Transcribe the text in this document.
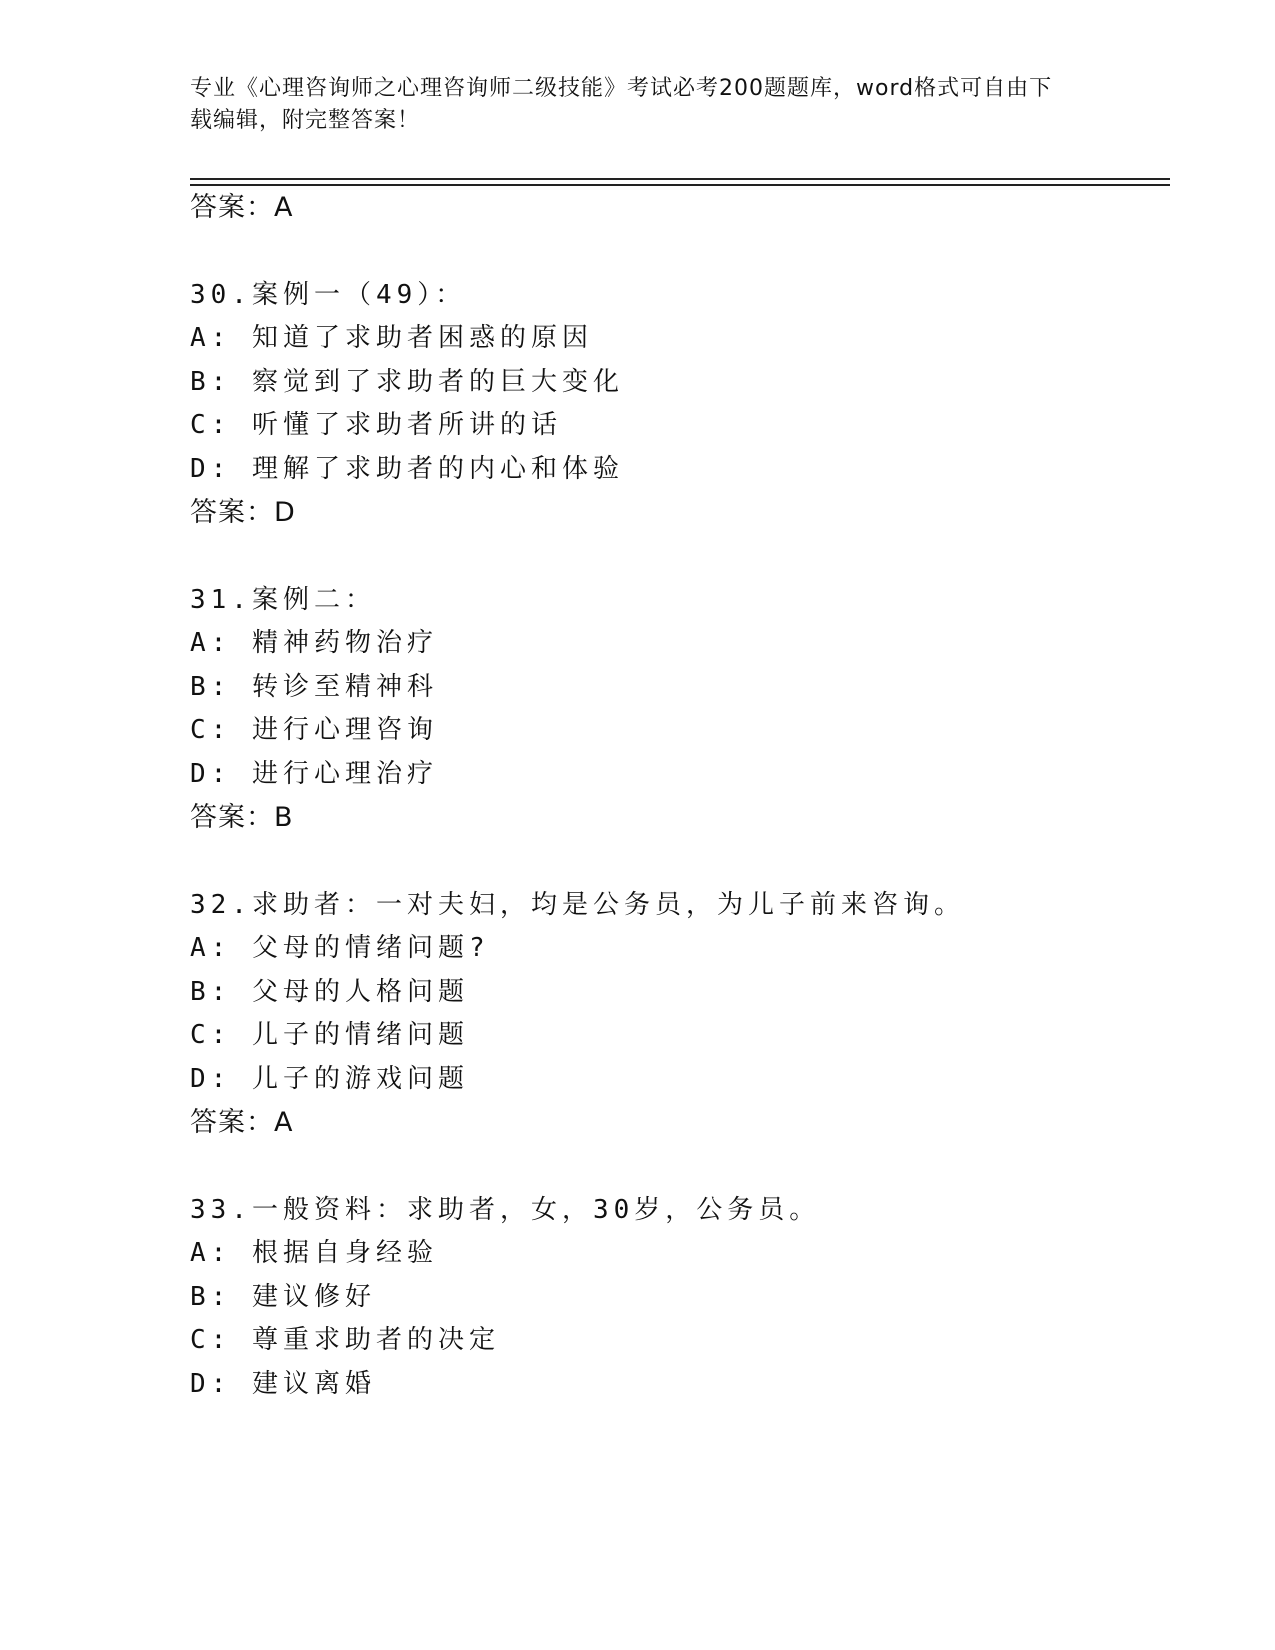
专业《心理咨询师之心理咨询师二级技能》考试必考200题题库，word格式可自由下载编辑，附完整答案！
答案：A
30.案例一（49）：
A: 知道了求助者困惑的原因
B: 察觉到了求助者的巨大变化
C: 听懂了求助者所讲的话
D: 理解了求助者的内心和体验
答案：D
31.案例二：
A: 精神药物治疗
B: 转诊至精神科
C: 进行心理咨询
D: 进行心理治疗
答案：B
32.求助者：一对夫妇，均是公务员，为儿子前来咨询。
A: 父母的情绪问题?
B: 父母的人格问题
C: 儿子的情绪问题
D: 儿子的游戏问题
答案：A
33.一般资料：求助者，女，30岁，公务员。
A: 根据自身经验
B: 建议修好
C: 尊重求助者的决定
D: 建议离婚
